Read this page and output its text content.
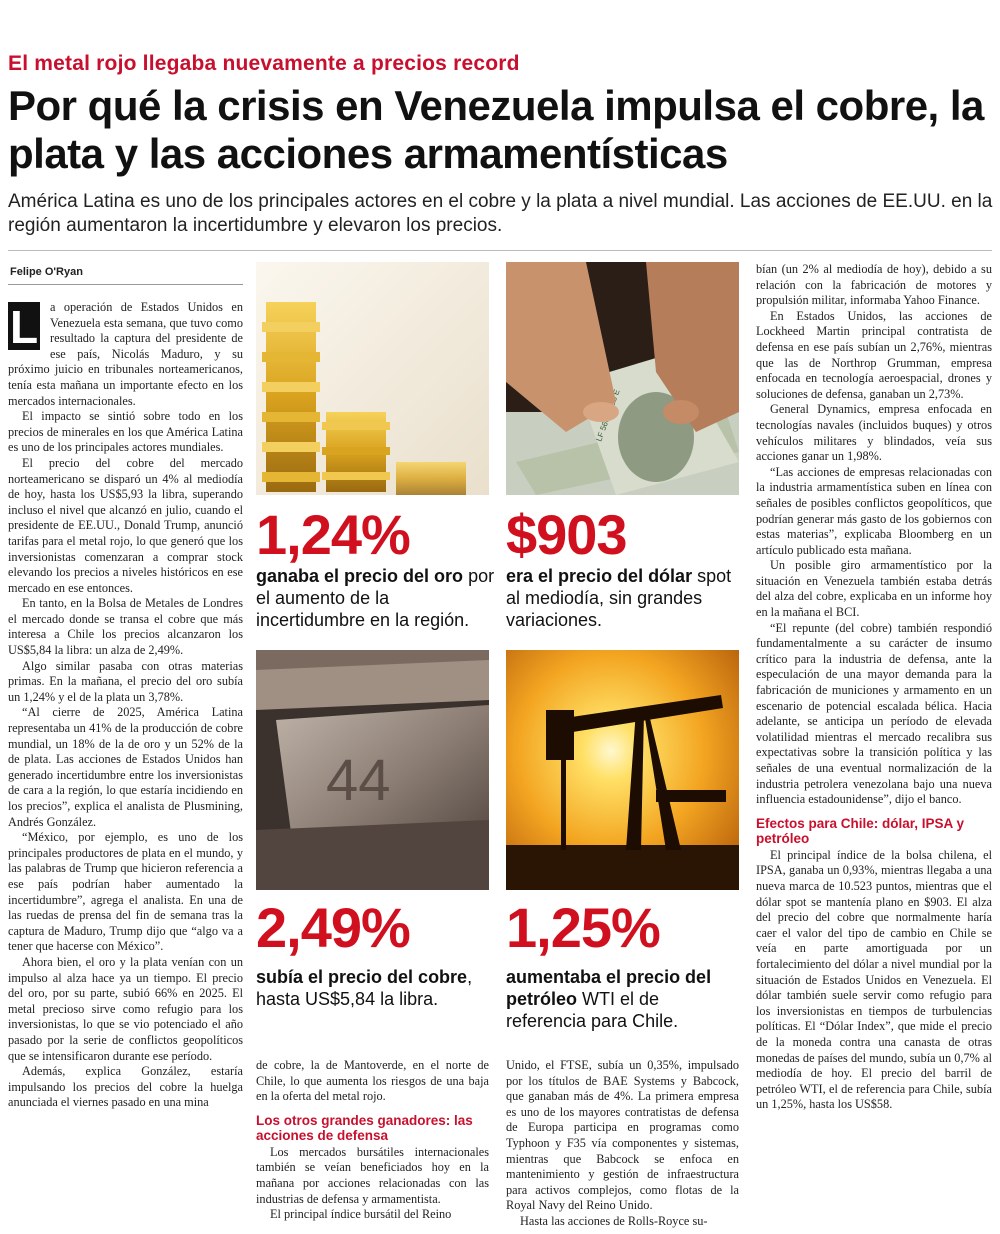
El metal rojo llegaba nuevamente a precios record
Por qué la crisis en Venezuela impulsa el cobre, la plata y las acciones armamentísticas
América Latina es uno de los principales actores en el cobre y la plata a nivel mundial. Las acciones de EE.UU. en la región aumentaron la incertidumbre y elevaron los precios.
Felipe O'Ryan

L a operación de Estados Unidos en Venezuela esta semana, que tuvo como resultado la captura del presidente de ese país, Nicolás Maduro, y su próximo juicio en tribunales norteamericanos, tenía esta mañana un importante efecto en los mercados internacionales.

El impacto se sintió sobre todo en los precios de minerales en los que América Latina es uno de los principales actores mundiales.

El precio del cobre del mercado norteamericano se disparó un 4% al mediodía de hoy, hasta los US$5,93 la libra, superando incluso el nivel que alcanzó en julio, cuando el presidente de EE.UU., Donald Trump, anunció tarifas para el metal rojo, lo que generó que los inversionistas comenzaran a comprar stock elevando los precios a niveles históricos en ese mercado en ese entonces.

En tanto, en la Bolsa de Metales de Londres el mercado donde se transa el cobre que más interesa a Chile los precios alcanzaron los US$5,84 la libra: un alza de 2,49%.

Algo similar pasaba con otras materias primas. En la mañana, el precio del oro subía un 1,24% y el de la plata un 3,78%.

“Al cierre de 2025, América Latina representaba un 41% de la producción de cobre mundial, un 18% de la de oro y un 52% de la de plata. Las acciones de Estados Unidos han generado incertidumbre entre los inversionistas de cara a la región, lo que estaría incidiendo en los precios”, explica el analista de Plusmining, Andrés González.

“México, por ejemplo, es uno de los principales productores de plata en el mundo, y las palabras de Trump que hicieron referencia a ese país podrían haber aumentado la incertidumbre”, agrega el analista. En una de las ruedas de prensa del fin de semana tras la captura de Maduro, Trump dijo que “algo va a tener que hacerse con México”.

Ahora bien, el oro y la plata venían con un impulso al alza hace ya un tiempo. El precio del oro, por su parte, subió 66% en 2025. El metal precioso sirve como refugio para los inversionistas, lo que se vio potenciado el año pasado por la serie de conflictos geopolíticos que se intensificaron durante ese período.

Además, explica González, estaría impulsando los precios del cobre la huelga anunciada el viernes pasado en una mina

LF E
1,24%
ganaba el precio del oro por el aumento de la incertidumbre en la región.
$903
era el precio del dólar spot al mediodía, sin grandes variaciones.
44
2,49%
subía el precio del cobre, hasta US$5,84 la libra.
1,25%
aumentaba el precio del petróleo WTI el de referencia para Chile.

de cobre, la de Mantoverde, en el norte de Chile, lo que aumenta los riesgos de una baja en la oferta del metal rojo.

Los otros grandes ganadores: las acciones de defensa

Los mercados bursátiles internacionales también se veían beneficiados hoy en la mañana por acciones relacionadas con las industrias de defensa y armamentista.

El principal índice bursátil del Reino

Unido, el FTSE, subía un 0,35%, impulsado por los títulos de BAE Systems y Babcock, que ganaban más de 4%. La primera empresa es uno de los mayores contratistas de defensa de Europa participa en programas como Typhoon y F35 vía componentes y sistemas, mientras que Babcock se enfoca en mantenimiento y gestión de infraestructura para activos complejos, como flotas de la Royal Navy del Reino Unido.

Hasta las acciones de Rolls-Royce su-

bían (un 2% al mediodía de hoy), debido a su relación con la fabricación de motores y propulsión militar, informaba Yahoo Finance.

En Estados Unidos, las acciones de Lockheed Martin principal contratista de defensa en ese país subían un 2,76%, mientras que las de Northrop Grumman, empresa enfocada en tecnología aeroespacial, drones y soluciones de defensa, ganaban un 2,73%.

General Dynamics, empresa enfocada en tecnologías navales (incluidos buques) y otros vehículos militares y blindados, veía sus acciones ganar un 1,98%.

“Las acciones de empresas relacionadas con la industria armamentística suben en línea con señales de posibles conflictos geopolíticos, que podrían generar más gasto de los gobiernos con estas materias”, explicaba Bloomberg en un artículo publicado esta mañana.

Un posible giro armamentístico por la situación en Venezuela también estaba detrás del alza del cobre, explicaba en un informe hoy en la mañana el BCI.

“El repunte (del cobre) también respondió fundamentalmente a su carácter de insumo crítico para la industria de defensa, ante la especulación de una mayor demanda para la fabricación de municiones y armamento en un escenario de potencial escalada bélica. Hacia adelante, se anticipa un período de elevada volatilidad mientras el mercado recalibra sus expectativas sobre la transición política y las señales de una eventual normalización de la industria petrolera venezolana bajo una nueva influencia estadounidense”, dijo el banco.

Efectos para Chile: dólar, IPSA y petróleo

El principal índice de la bolsa chilena, el IPSA, ganaba un 0,93%, mientras llegaba a una nueva marca de 10.523 puntos, mientras que el dólar spot se mantenía plano en $903. El alza del precio del cobre que normalmente haría caer el valor del tipo de cambio en Chile se veía en parte amortiguada por un fortalecimiento del dólar a nivel mundial por la situación de Estados Unidos en Venezuela. El dólar también suele servir como refugio para los inversionistas en tiempos de turbulencias políticas. El “Dólar Index”, que mide el precio de la moneda contra una canasta de otras monedas de países del mundo, subía un 0,7% al mediodía de hoy. El precio del barril de petróleo WTI, el de referencia para Chile, subía un 1,25%, hasta los US$58.
